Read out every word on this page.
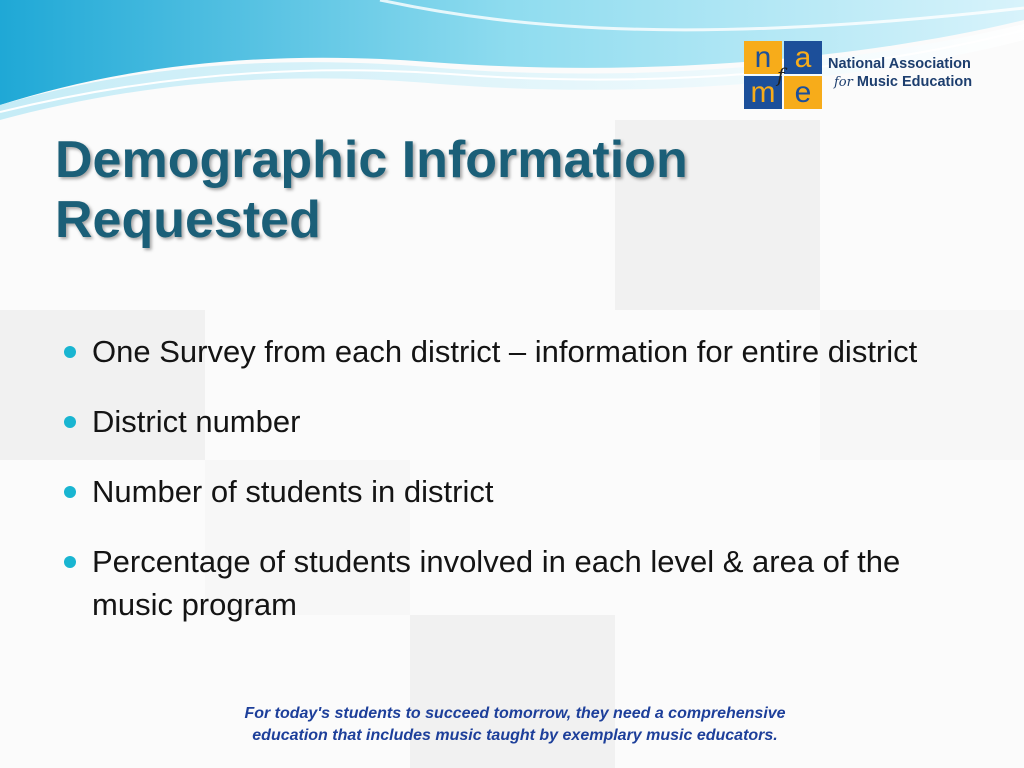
n a
m e
f	National Association
for Music Education
Demographic Information
Requested
One Survey from each district – information for entire district
District number
Number of students in district
Percentage of students involved in each level & area of the music program
For today's students to succeed tomorrow, they need a comprehensive
education that includes music taught by exemplary music educators.
